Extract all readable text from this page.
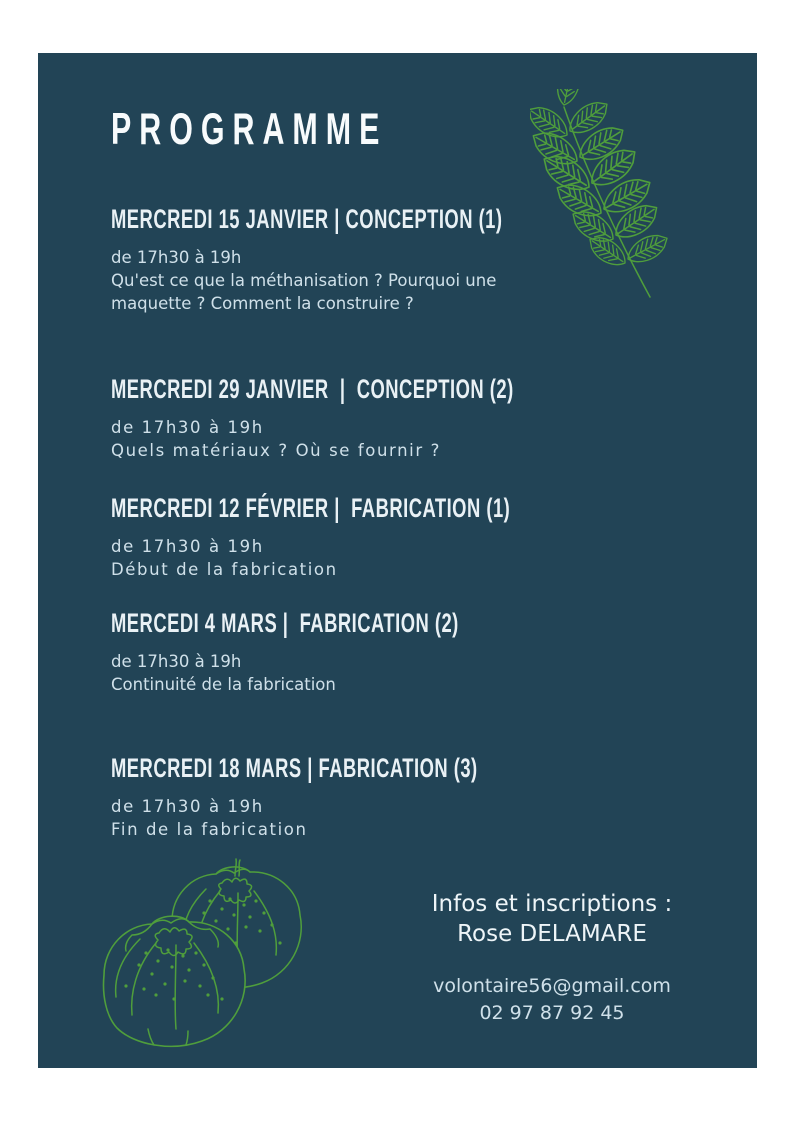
PROGRAMME
MERCREDI 15 JANVIER | CONCEPTION (1)

de 17h30 à 19h

Qu'est ce que la méthanisation ? Pourquoi une maquette ? Comment la construire ?

MERCREDI 29 JANVIER  |  CONCEPTION (2)

de 17h30 à 19h

Quels matériaux ? Où se fournir ?

MERCREDI 12 FÉVRIER |  FABRICATION (1)

de 17h30 à 19h

Début de la fabrication

MERCEDI 4 MARS |  FABRICATION (2)

de 17h30 à 19h

Continuité de la fabrication

MERCREDI 18 MARS | FABRICATION (3)

de 17h30 à 19h

Fin de la fabrication

Infos et inscriptions :

Rose DELAMARE

volontaire56@gmail.com

02 97 87 92 45
